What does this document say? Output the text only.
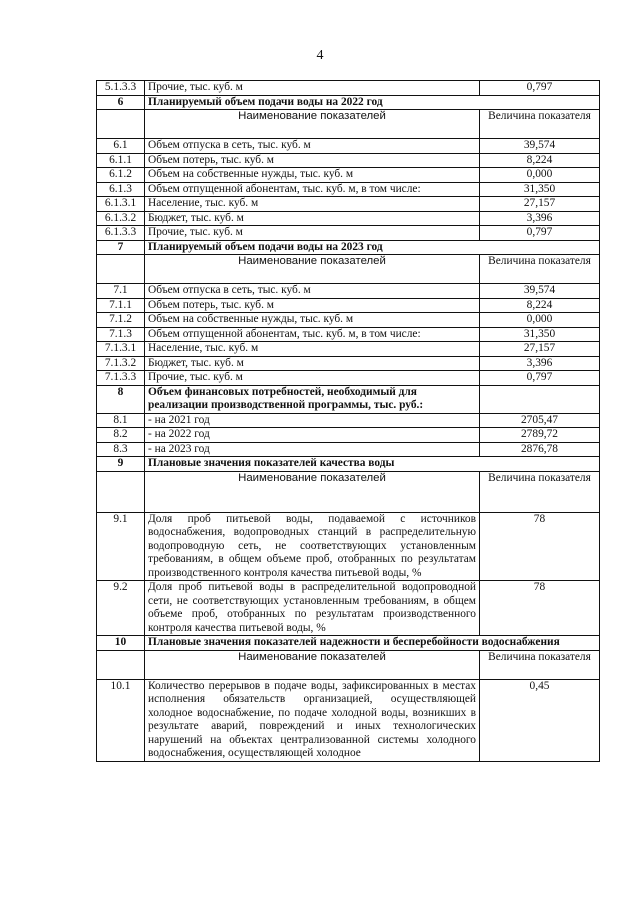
4
5.1.3.3	Прочие, тыс. куб. м	0,797
6	Планируемый объем подачи воды на 2022 год	
	Наименование показателей	Величина показателя
6.1	Объем отпуска в сеть, тыс. куб. м	39,574
6.1.1	Объем потерь, тыс. куб. м	8,224
6.1.2	Объем на собственные нужды, тыс. куб. м	0,000
6.1.3	Объем отпущенной абонентам, тыс. куб. м, в том числе:	31,350
6.1.3.1	Население, тыс. куб. м	27,157
6.1.3.2	Бюджет, тыс. куб. м	3,396
6.1.3.3	Прочие, тыс. куб. м	0,797
7	Планируемый объем подачи воды на 2023 год	
	Наименование показателей	Величина показателя
7.1	Объем отпуска в сеть, тыс. куб. м	39,574
7.1.1	Объем потерь, тыс. куб. м	8,224
7.1.2	Объем на собственные нужды, тыс. куб. м	0,000
7.1.3	Объем отпущенной абонентам, тыс. куб. м, в том числе:	31,350
7.1.3.1	Население, тыс. куб. м	27,157
7.1.3.2	Бюджет, тыс. куб. м	3,396
7.1.3.3	Прочие, тыс. куб. м	0,797
8	Объем финансовых потребностей, необходимый для реализации производственной программы, тыс. руб.:	
8.1	- на 2021 год	2705,47
8.2	- на 2022 год	2789,72
8.3	- на 2023 год	2876,78
9	Плановые значения показателей качества воды	
	Наименование показателей	Величина показателя
9.1	Доля проб питьевой воды, подаваемой с источников водоснабжения, водопроводных станций в распределительную водопроводную сеть, не соответствующих установленным требованиям, в общем объеме проб, отобранных по результатам производственного контроля качества питьевой воды, %	78
9.2	Доля проб питьевой воды в распределительной водопроводной сети, не соответствующих установленным требованиям, в общем объеме проб, отобранных по результатам производственного контроля качества питьевой воды, %	78
10	Плановые значения показателей надежности и бесперебойности водоснабжения	
	Наименование показателей	Величина показателя
10.1	Количество перерывов в подаче воды, зафиксированных в местах исполнения обязательств организацией, осуществляющей холодное водоснабжение, по подаче холодной воды, возникших в результате аварий, повреждений и иных технологических нарушений на объектах централизованной системы холодного водоснабжения, осуществляющей холодное	0,45
